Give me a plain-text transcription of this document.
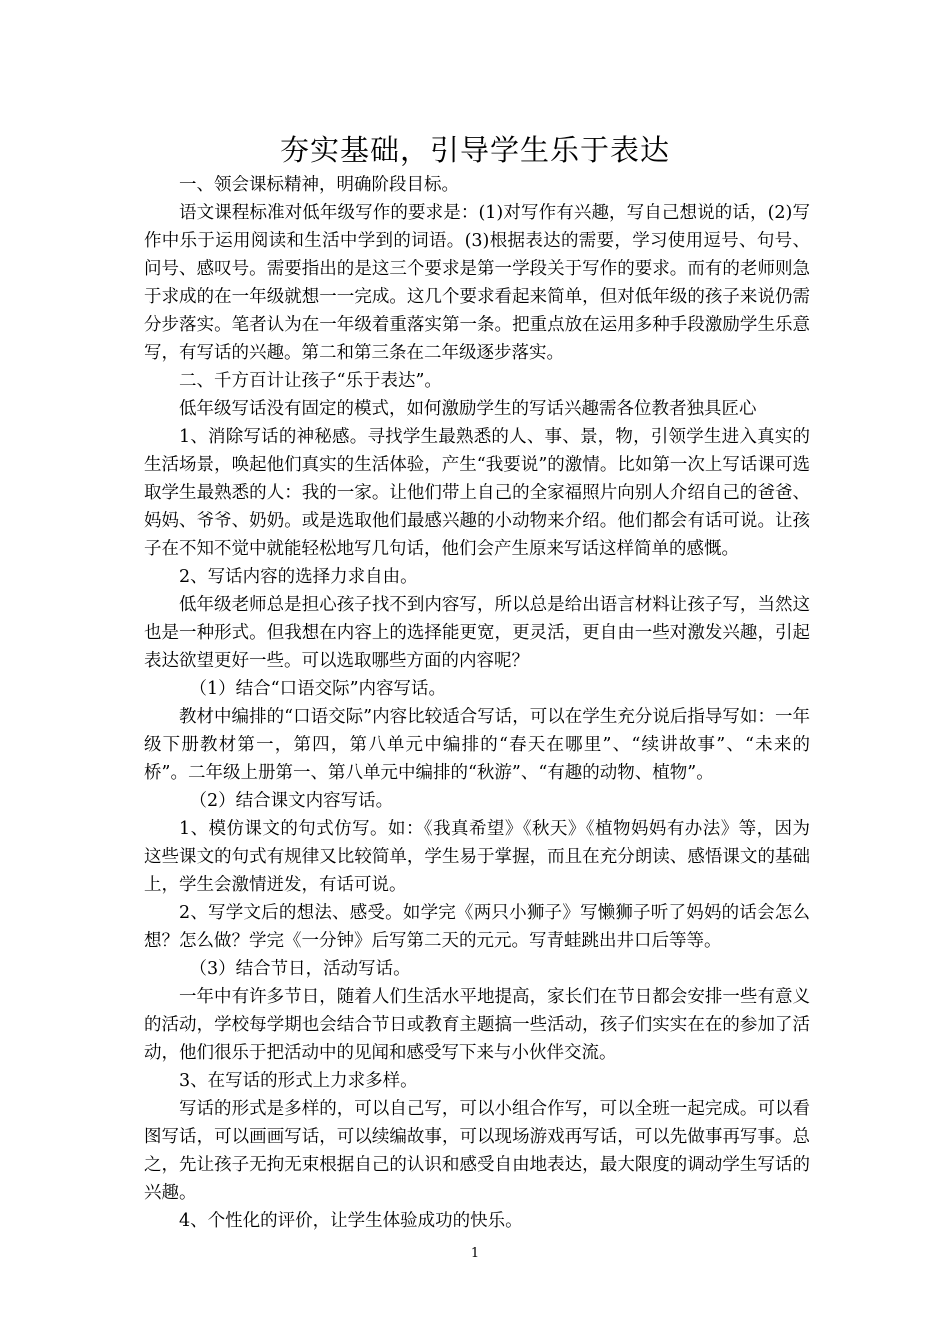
夯实基础，引导学生乐于表达

一、领会课标精神，明确阶段目标。

语文课程标准对低年级写作的要求是：(1)对写作有兴趣，写自己想说的话，(2)写作中乐于运用阅读和生活中学到的词语。(3)根据表达的需要，学习使用逗号、句号、问号、感叹号。需要指出的是这三个要求是第一学段关于写作的要求。而有的老师则急于求成的在一年级就想一一完成。这几个要求看起来简单，但对低年级的孩子来说仍需分步落实。笔者认为在一年级着重落实第一条。把重点放在运用多种手段激励学生乐意写，有写话的兴趣。第二和第三条在二年级逐步落实。

二、千方百计让孩子“乐于表达”。

低年级写话没有固定的模式，如何激励学生的写话兴趣需各位教者独具匠心

1、消除写话的神秘感。寻找学生最熟悉的人、事、景，物，引领学生进入真实的生活场景，唤起他们真实的生活体验，产生“我要说”的激情。比如第一次上写话课可选取学生最熟悉的人：我的一家。让他们带上自己的全家福照片向别人介绍自己的爸爸、妈妈、爷爷、奶奶。或是选取他们最感兴趣的小动物来介绍。他们都会有话可说。让孩子在不知不觉中就能轻松地写几句话，他们会产生原来写话这样简单的感慨。

2、写话内容的选择力求自由。

低年级老师总是担心孩子找不到内容写，所以总是给出语言材料让孩子写，当然这也是一种形式。但我想在内容上的选择能更宽，更灵活，更自由一些对激发兴趣，引起表达欲望更好一些。可以选取哪些方面的内容呢？

（1）结合“口语交际”内容写话。

教材中编排的“口语交际”内容比较适合写话，可以在学生充分说后指导写如：一年级下册教材第一，第四，第八单元中编排的“春天在哪里”、“续讲故事”、“未来的桥”。二年级上册第一、第八单元中编排的“秋游”、“有趣的动物、植物”。

（2）结合课文内容写话。

1、模仿课文的句式仿写。如：《我真希望》《秋天》《植物妈妈有办法》等，因为这些课文的句式有规律又比较简单，学生易于掌握，而且在充分朗读、感悟课文的基础上，学生会激情迸发，有话可说。

2、写学文后的想法、感受。如学完《两只小狮子》写懒狮子听了妈妈的话会怎么想？怎么做？学完《一分钟》后写第二天的元元。写青蛙跳出井口后等等。

（3）结合节日，活动写话。

一年中有许多节日，随着人们生活水平地提高，家长们在节日都会安排一些有意义的活动，学校每学期也会结合节日或教育主题搞一些活动，孩子们实实在在的参加了活动，他们很乐于把活动中的见闻和感受写下来与小伙伴交流。

3、在写话的形式上力求多样。

写话的形式是多样的，可以自己写，可以小组合作写，可以全班一起完成。可以看图写话，可以画画写话，可以续编故事，可以现场游戏再写话，可以先做事再写事。总之，先让孩子无拘无束根据自己的认识和感受自由地表达，最大限度的调动学生写话的兴趣。

4、个性化的评价，让学生体验成功的快乐。

1
